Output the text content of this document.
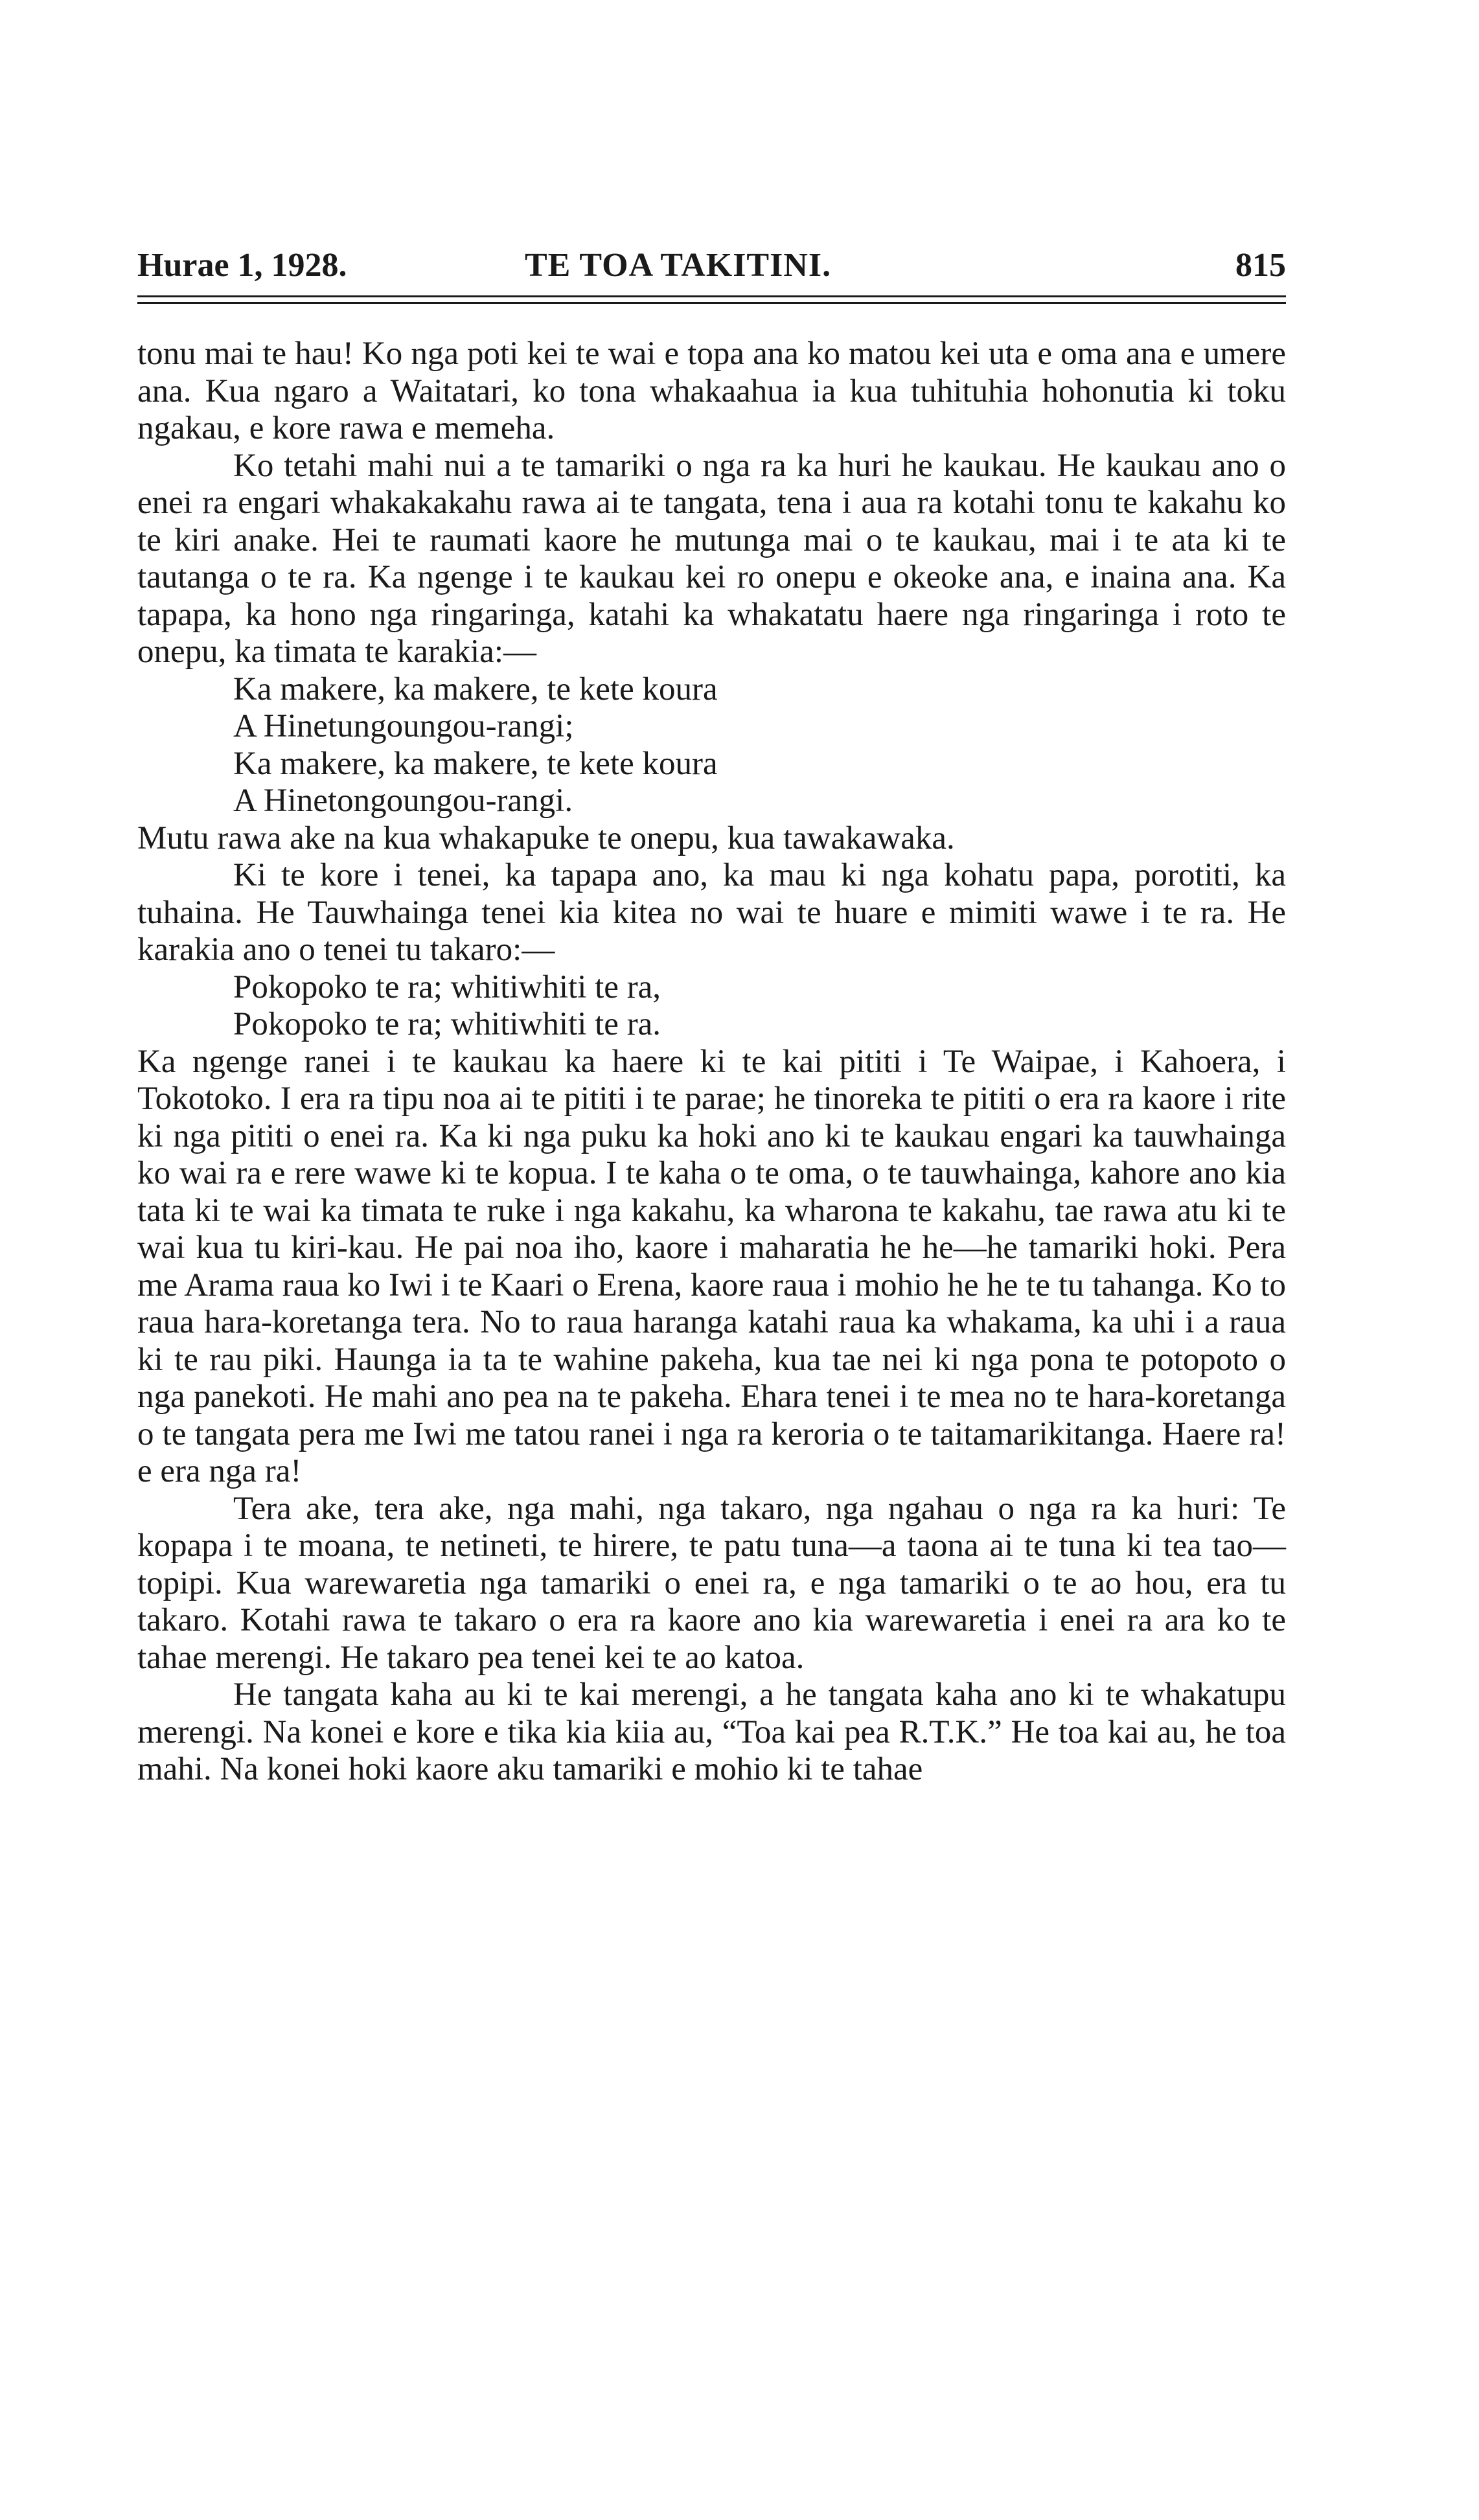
Hurae 1, 1928.	TE TOA TAKITINI.	815

tonu mai te hau! Ko nga poti kei te wai e topa ana ko matou kei uta e oma ana e umere ana. Kua ngaro a Waitatari, ko tona whakaahua ia kua tuhituhia hohonutia ki toku ngakau, e kore rawa e memeha.

Ko tetahi mahi nui a te tamariki o nga ra ka huri he kaukau. He kaukau ano o enei ra engari whakakakahu rawa ai te tangata, tena i aua ra kotahi tonu te kakahu ko te kiri anake. Hei te raumati kaore he mutunga mai o te kaukau, mai i te ata ki te tautanga o te ra. Ka ngenge i te kaukau kei ro onepu e okeoke ana, e inaina ana. Ka tapapa, ka hono nga ringaringa, katahi ka whakatatu haere nga ringaringa i roto te onepu, ka timata te karakia:—

Ka makere, ka makere, te kete koura
A Hinetungoungou-rangi;
Ka makere, ka makere, te kete koura
A Hinetongoungou-rangi.

Mutu rawa ake na kua whakapuke te onepu, kua tawakawaka.

Ki te kore i tenei, ka tapapa ano, ka mau ki nga kohatu papa, porotiti, ka tuhaina. He Tauwhainga tenei kia kitea no wai te huare e mimiti wawe i te ra. He karakia ano o tenei tu takaro:—

Pokopoko te ra; whitiwhiti te ra,
Pokopoko te ra; whitiwhiti te ra.

Ka ngenge ranei i te kaukau ka haere ki te kai pititi i Te Waipae, i Kahoera, i Tokotoko. I era ra tipu noa ai te pititi i te parae; he tinoreka te pititi o era ra kaore i rite ki nga pititi o enei ra. Ka ki nga puku ka hoki ano ki te kaukau engari ka tauwhainga ko wai ra e rere wawe ki te kopua. I te kaha o te oma, o te tauwhainga, kahore ano kia tata ki te wai ka timata te ruke i nga kakahu, ka wharona te kakahu, tae rawa atu ki te wai kua tu kiri-kau. He pai noa iho, kaore i maharatia he he—he tamariki hoki. Pera me Arama raua ko Iwi i te Kaari o Erena, kaore raua i mohio he he te tu tahanga. Ko to raua hara-koretanga tera. No to raua haranga katahi raua ka whakama, ka uhi i a raua ki te rau piki. Haunga ia ta te wahine pakeha, kua tae nei ki nga pona te potopoto o nga panekoti. He mahi ano pea na te pakeha. Ehara tenei i te mea no te hara-koretanga o te tangata pera me Iwi me tatou ranei i nga ra keroria o te taitamarikitanga. Haere ra! e era nga ra!

Tera ake, tera ake, nga mahi, nga takaro, nga ngahau o nga ra ka huri: Te kopapa i te moana, te netineti, te hirere, te patu tuna—a taona ai te tuna ki tea tao—topipi. Kua warewaretia nga tamariki o enei ra, e nga tamariki o te ao hou, era tu takaro. Kotahi rawa te takaro o era ra kaore ano kia warewaretia i enei ra ara ko te tahae merengi. He takaro pea tenei kei te ao katoa.

He tangata kaha au ki te kai merengi, a he tangata kaha ano ki te whakatupu merengi. Na konei e kore e tika kia kiia au, “Toa kai pea R.T.K.” He toa kai au, he toa mahi. Na konei hoki kaore aku tamariki e mohio ki te tahae
